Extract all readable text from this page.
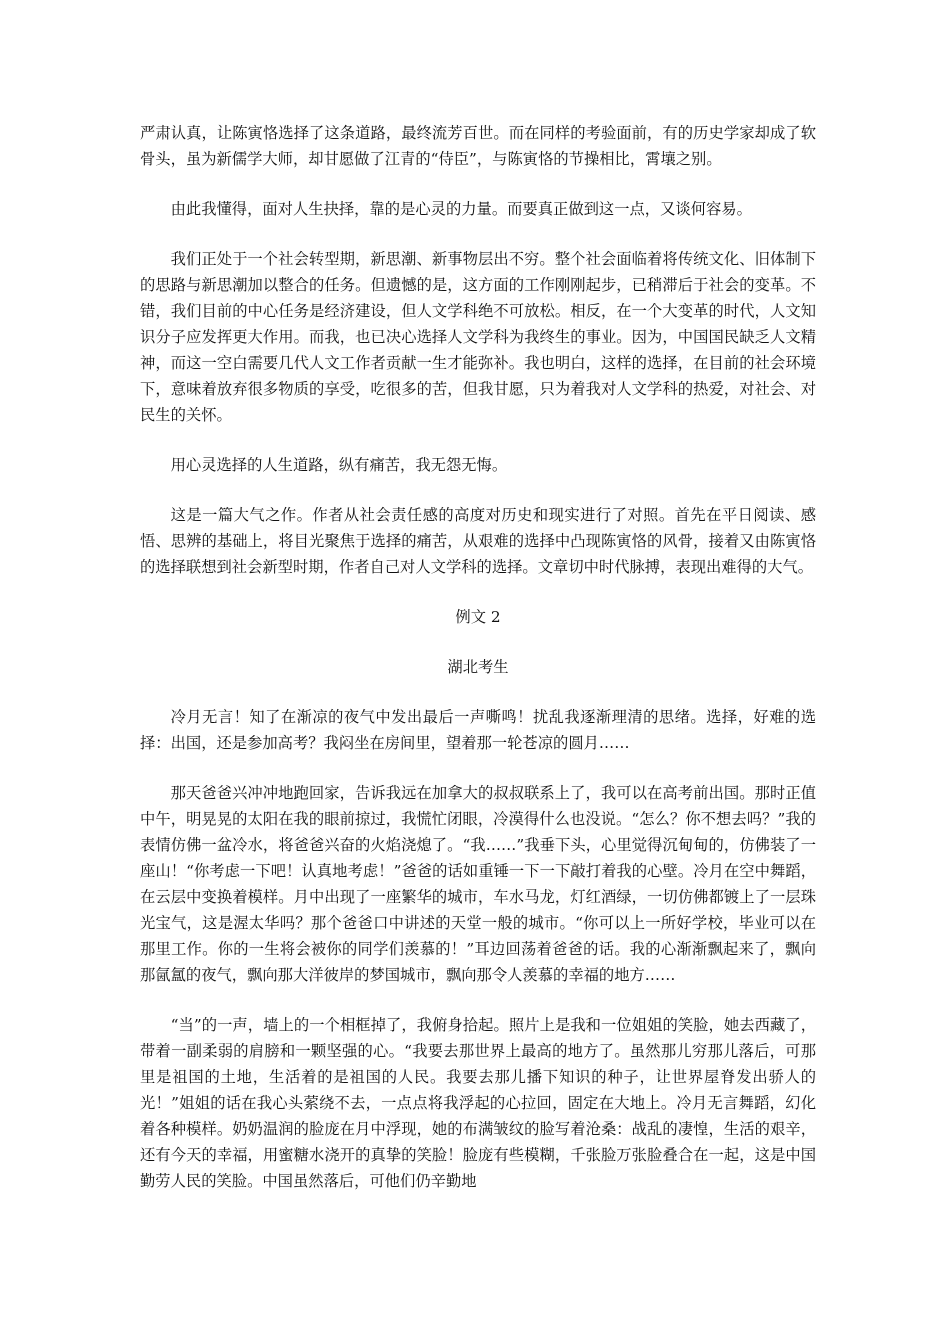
严肃认真，让陈寅恪选择了这条道路，最终流芳百世。而在同样的考验面前，有的历史学家却成了软骨头，虽为新儒学大师，却甘愿做了江青的“侍臣”，与陈寅恪的节操相比，霄壤之别。

由此我懂得，面对人生抉择，靠的是心灵的力量。而要真正做到这一点，又谈何容易。

我们正处于一个社会转型期，新思潮、新事物层出不穷。整个社会面临着将传统文化、旧体制下的思路与新思潮加以整合的任务。但遗憾的是，这方面的工作刚刚起步，已稍滞后于社会的变革。不错，我们目前的中心任务是经济建设，但人文学科绝不可放松。相反，在一个大变革的时代，人文知识分子应发挥更大作用。而我，也已决心选择人文学科为我终生的事业。因为，中国国民缺乏人文精神，而这一空白需要几代人文工作者贡献一生才能弥补。我也明白，这样的选择，在目前的社会环境下，意味着放弃很多物质的享受，吃很多的苦，但我甘愿，只为着我对人文学科的热爱，对社会、对民生的关怀。

用心灵选择的人生道路，纵有痛苦，我无怨无悔。

这是一篇大气之作。作者从社会责任感的高度对历史和现实进行了对照。首先在平日阅读、感悟、思辨的基础上，将目光聚焦于选择的痛苦，从艰难的选择中凸现陈寅恪的风骨，接着又由陈寅恪的选择联想到社会新型时期，作者自己对人文学科的选择。文章切中时代脉搏，表现出难得的大气。

例文 2

湖北考生

冷月无言！知了在渐凉的夜气中发出最后一声嘶鸣！扰乱我逐渐理清的思绪。选择，好难的选择：出国，还是参加高考？我闷坐在房间里，望着那一轮苍凉的圆月……

那天爸爸兴冲冲地跑回家，告诉我远在加拿大的叔叔联系上了，我可以在高考前出国。那时正值中午，明晃晃的太阳在我的眼前掠过，我慌忙闭眼，冷漠得什么也没说。“怎么？你不想去吗？”我的表情仿佛一盆冷水，将爸爸兴奋的火焰浇熄了。“我……”我垂下头，心里觉得沉甸甸的，仿佛装了一座山！“你考虑一下吧！认真地考虑！”爸爸的话如重锤一下一下敲打着我的心壁。冷月在空中舞蹈，在云层中变换着模样。月中出现了一座繁华的城市，车水马龙，灯红酒绿，一切仿佛都镀上了一层珠光宝气，这是渥太华吗？那个爸爸口中讲述的天堂一般的城市。“你可以上一所好学校，毕业可以在那里工作。你的一生将会被你的同学们羡慕的！”耳边回荡着爸爸的话。我的心渐渐飘起来了，飘向那氤氲的夜气，飘向那大洋彼岸的梦国城市，飘向那令人羡慕的幸福的地方……

“当”的一声，墙上的一个相框掉了，我俯身拾起。照片上是我和一位姐姐的笑脸，她去西藏了，带着一副柔弱的肩膀和一颗坚强的心。“我要去那世界上最高的地方了。虽然那儿穷那儿落后，可那里是祖国的土地，生活着的是祖国的人民。我要去那儿播下知识的种子，让世界屋脊发出骄人的光！”姐姐的话在我心头萦绕不去，一点点将我浮起的心拉回，固定在大地上。冷月无言舞蹈，幻化着各种模样。奶奶温润的脸庞在月中浮现，她的布满皱纹的脸写着沧桑：战乱的凄惶，生活的艰辛，还有今天的幸福，用蜜糖水浇开的真挚的笑脸！脸庞有些模糊，千张脸万张脸叠合在一起，这是中国勤劳人民的笑脸。中国虽然落后，可他们仍辛勤地
